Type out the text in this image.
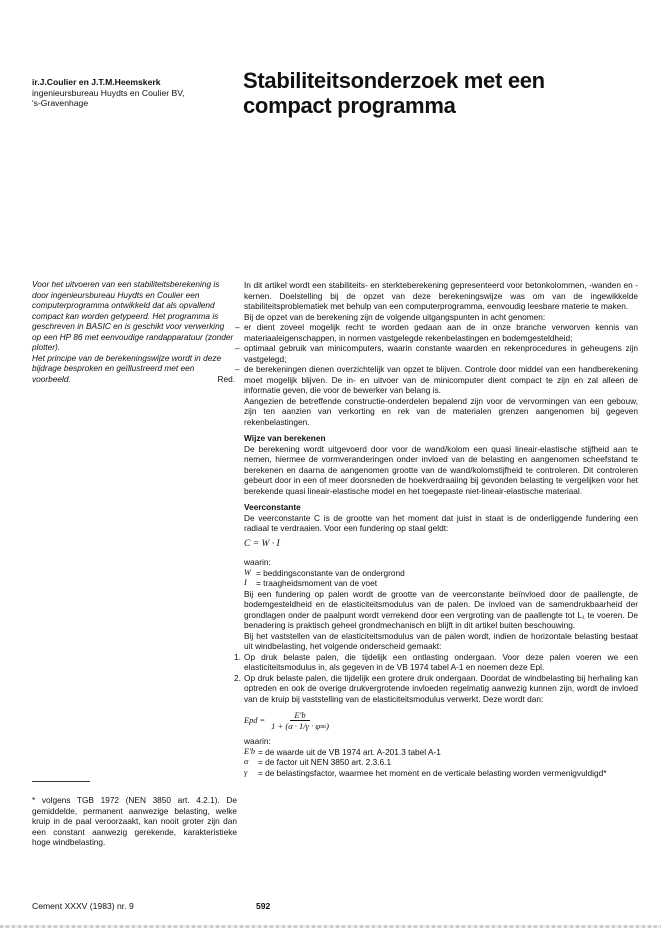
ir.J.Coulier en J.T.M.Heemskerk
ingenieursbureau Huydts en Coulier BV,
's-Gravenhage
Stabiliteitsonderzoek met een compact programma

Voor het uitvoeren van een stabiliteitsberekening is door ingenieursbureau Huydts en Coulier een computerprogramma ontwikkeld dat als opvallend compact kan worden getypeerd. Het programma is geschreven in BASIC en is geschikt voor verwerking op een HP 86 met eenvoudige randapparatuur (zonder plotter).

Het principe van de berekeningswijze wordt in deze bijdrage besproken en geïllustreerd met een voorbeeld.	Red.

In dit artikel wordt een stabiliteits- en sterkteberekening gepresenteerd voor betonkolommen, -wanden en -kernen. Doelstelling bij de opzet van deze berekeningswijze was om van de ingewikkelde stabiliteitsproblematiek met behulp van een computerprogramma, eenvoudig leesbare materie te maken.

Bij de opzet van de berekening zijn de volgende uitgangspunten in acht genomen:

– er dient zoveel mogelijk recht te worden gedaan aan de in onze branche verworven kennis van materiaaleigenschappen, in normen vastgelegde rekenbelastingen en bodemgesteldheid;

– optimaal gebruik van minicomputers, waarin constante waarden en rekenprocedures in geheugens zijn vastgelegd;

– de berekeningen dienen overzichtelijk van opzet te blijven. Controle door middel van een handberekening moet mogelijk blijven. De in- en uitvoer van de minicomputer dient compact te zijn en zal alleen de informatie geven, die voor de bewerker van belang is.

Aangezien de betreffende constructie-onderdelen bepalend zijn voor de vervormingen van een gebouw, zijn ten aanzien van verkorting en rek van de materialen grenzen aangenomen bij gegeven rekenbelastingen.

Wijze van berekenen

De berekening wordt uitgevoerd door voor de wand/kolom een quasi lineair-elastische stijfheid aan te nemen, hiermee de vormveranderingen onder invloed van de belasting en aangenomen scheefstand te berekenen en daarna de aangenomen grootte van de wand/kolomstijfheid te controleren. Dit controleren gebeurt door in een of meer doorsneden de hoekverdraaiing bij gevonden belasting te vergelijken voor het berekende quasi lineair-elastische model en het toegepaste niet-lineair-elastische materiaal.

Veerconstante

De veerconstante C is de grootte van het moment dat juist in staat is de onderliggende fundering een radiaal te verdraaien. Voor een fundering op staal geldt:

C = W · I

waarin:

W = beddingsconstante van de ondergrond
I	= traagheidsmoment van de voet

Bij een fundering op palen wordt de grootte van de veerconstante beïnvloed door de paallengte, de bodemgesteldheid en de elasticiteitsmodulus van de palen. De invloed van de samendrukbaarheid der grondlagen onder de paalpunt wordt verrekend door een vergroting van de paallengte tot L₁ te voeren. De benadering is praktisch geheel grondmechanisch en blijft in dit artikel buiten beschouwing.

Bij het vaststellen van de elasticiteitsmodulus van de palen wordt, indien de horizontale belasting bestaat uit windbelasting, het volgende onderscheid gemaakt:

1. Op druk belaste palen, die tijdelijk een ontlasting ondergaan. Voor deze palen voeren we een elasticiteitsmodulus in, als gegeven in de VB 1974 tabel A-1 en noemen deze Epl.

2. Op druk belaste palen, die tijdelijk een grotere druk ondergaan. Doordat de windbelasting bij herhaling kan optreden en ook de overige drukvergrotende invloeden regelmatig aanwezig kunnen zijn, wordt de invloed van de kruip bij vaststelling van de elasticiteitsmodulus verwerkt. Deze wordt dan:

Epd = $\frac{E'b}{1 + (\alpha \cdot 1/\gamma \cdot \varphi\infty)}$

waarin:

E'b = de waarde uit de VB 1974 art. A-201.3 tabel A-1
α	= de factor uit NEN 3850 art. 2.3.6.1
γ	= de belastingsfactor, waarmee het moment en de verticale belasting worden vermenigvuldigd*
* volgens TGB 1972 (NEN 3850 art. 4.2.1). De gemiddelde, permanent aanwezige belasting, welke kruip in de paal veroorzaakt, kan nooit groter zijn dan een constant aanwezig gerekende, karakteristieke hoge windbelasting.
Cement XXXV (1983) nr. 9	592
